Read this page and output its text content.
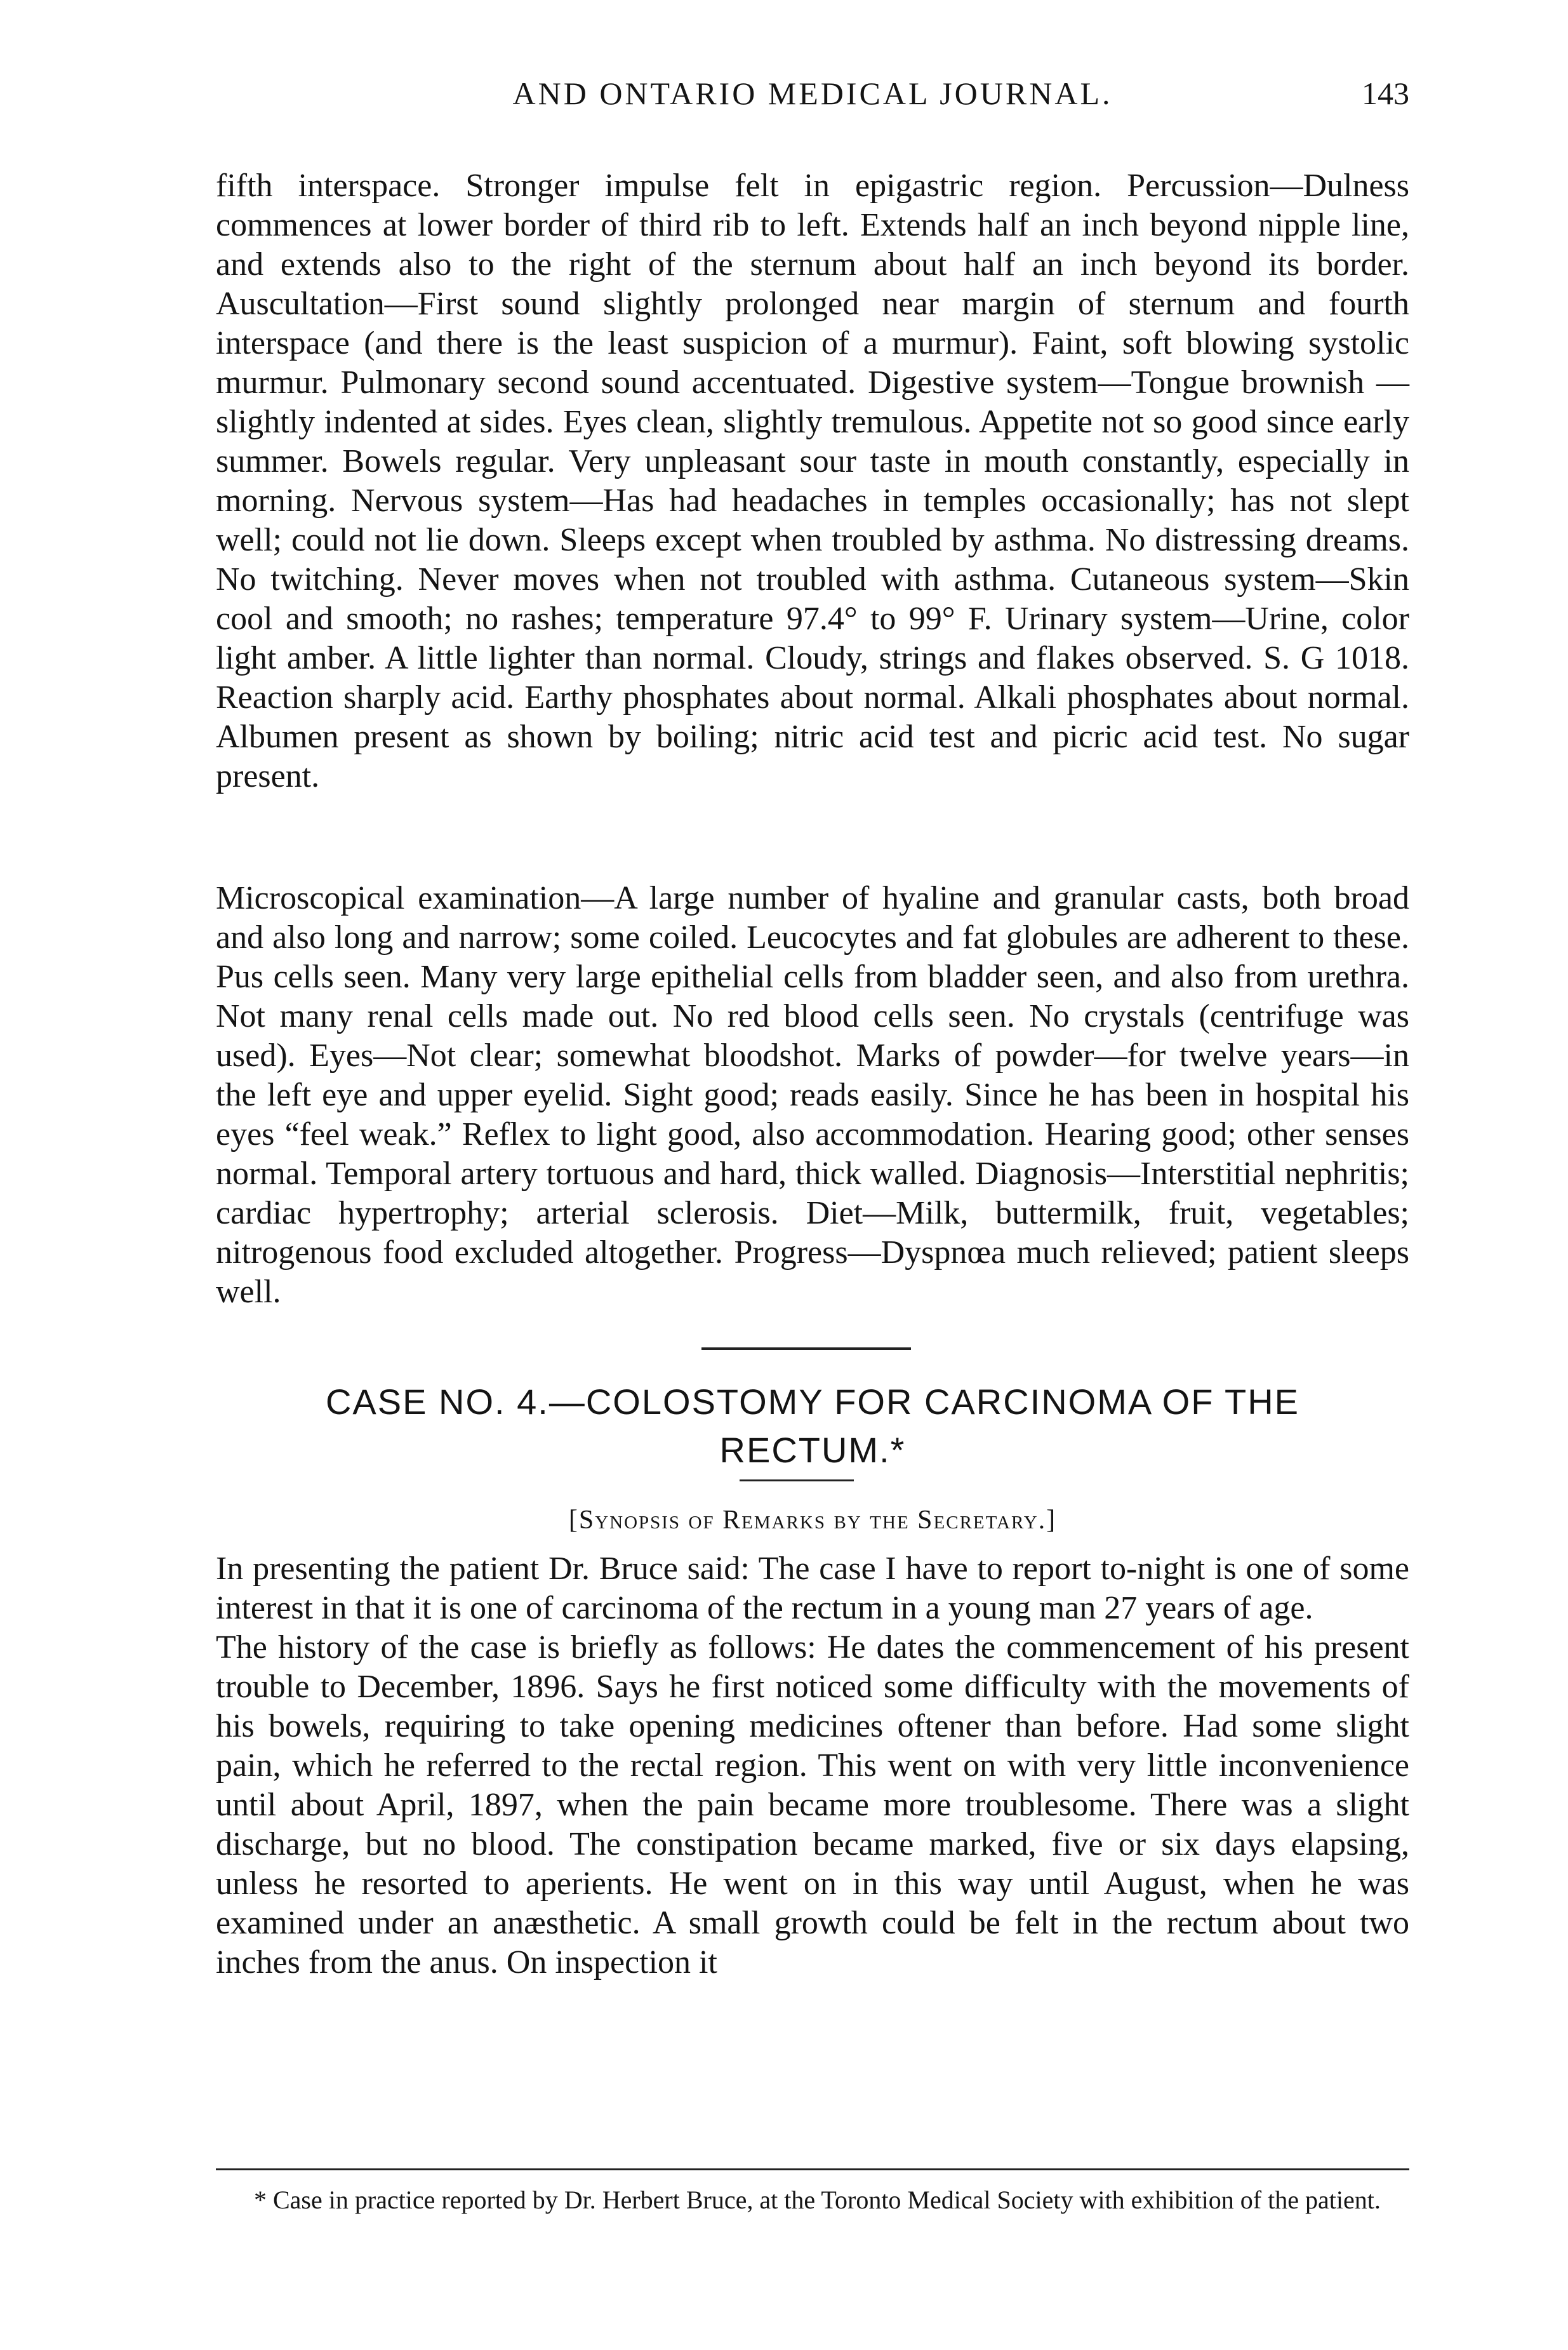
AND ONTARIO MEDICAL JOURNAL.	143

fifth interspace. Stronger impulse felt in epigastric region. Percussion—Dulness commences at lower border of third rib to left. Extends half an inch beyond nipple line, and extends also to the right of the sternum about half an inch beyond its border. Auscultation—First sound slightly prolonged near margin of sternum and fourth interspace (and there is the least suspicion of a murmur). Faint, soft blowing systolic murmur. Pulmonary second sound accentuated. Digestive system—Tongue brownish —slightly indented at sides. Eyes clean, slightly tremulous. Appetite not so good since early summer. Bowels regular. Very unpleasant sour taste in mouth constantly, especially in morning. Nervous system—Has had headaches in temples occasionally; has not slept well; could not lie down. Sleeps except when troubled by asthma. No distressing dreams. No twitching. Never moves when not troubled with asthma. Cutaneous system—Skin cool and smooth; no rashes; temperature 97.4° to 99° F. Urinary system—Urine, color light amber. A little lighter than normal. Cloudy, strings and flakes observed. S. G 1018. Reaction sharply acid. Earthy phosphates about normal. Alkali phosphates about normal. Albumen present as shown by boiling; nitric acid test and picric acid test. No sugar present.

Microscopical examination—A large number of hyaline and granular casts, both broad and also long and narrow; some coiled. Leucocytes and fat globules are adherent to these. Pus cells seen. Many very large epithelial cells from bladder seen, and also from urethra. Not many renal cells made out. No red blood cells seen. No crystals (centrifuge was used). Eyes—Not clear; somewhat bloodshot. Marks of powder—for twelve years—in the left eye and upper eyelid. Sight good; reads easily. Since he has been in hospital his eyes “feel weak.” Reflex to light good, also accommodation. Hearing good; other senses normal. Temporal artery tortuous and hard, thick walled. Diagnosis—Interstitial nephritis; cardiac hypertrophy; arterial sclerosis. Diet—Milk, buttermilk, fruit, vegetables; nitrogenous food excluded altogether. Progress—Dyspnœa much relieved; patient sleeps well.

CASE NO. 4.—COLOSTOMY FOR CARCINOMA OF THE RECTUM.*
[Synopsis of Remarks by the Secretary.]

In presenting the patient Dr. Bruce said: The case I have to report to-night is one of some interest in that it is one of carcinoma of the rectum in a young man 27 years of age.

The history of the case is briefly as follows: He dates the commencement of his present trouble to December, 1896. Says he first noticed some difficulty with the movements of his bowels, requiring to take opening medicines oftener than before. Had some slight pain, which he referred to the rectal region. This went on with very little inconvenience until about April, 1897, when the pain became more troublesome. There was a slight discharge, but no blood. The constipation became marked, five or six days elapsing, unless he resorted to aperients. He went on in this way until August, when he was examined under an anæsthetic. A small growth could be felt in the rectum about two inches from the anus. On inspection it

* Case in practice reported by Dr. Herbert Bruce, at the Toronto Medical Society with exhibition of the patient.
